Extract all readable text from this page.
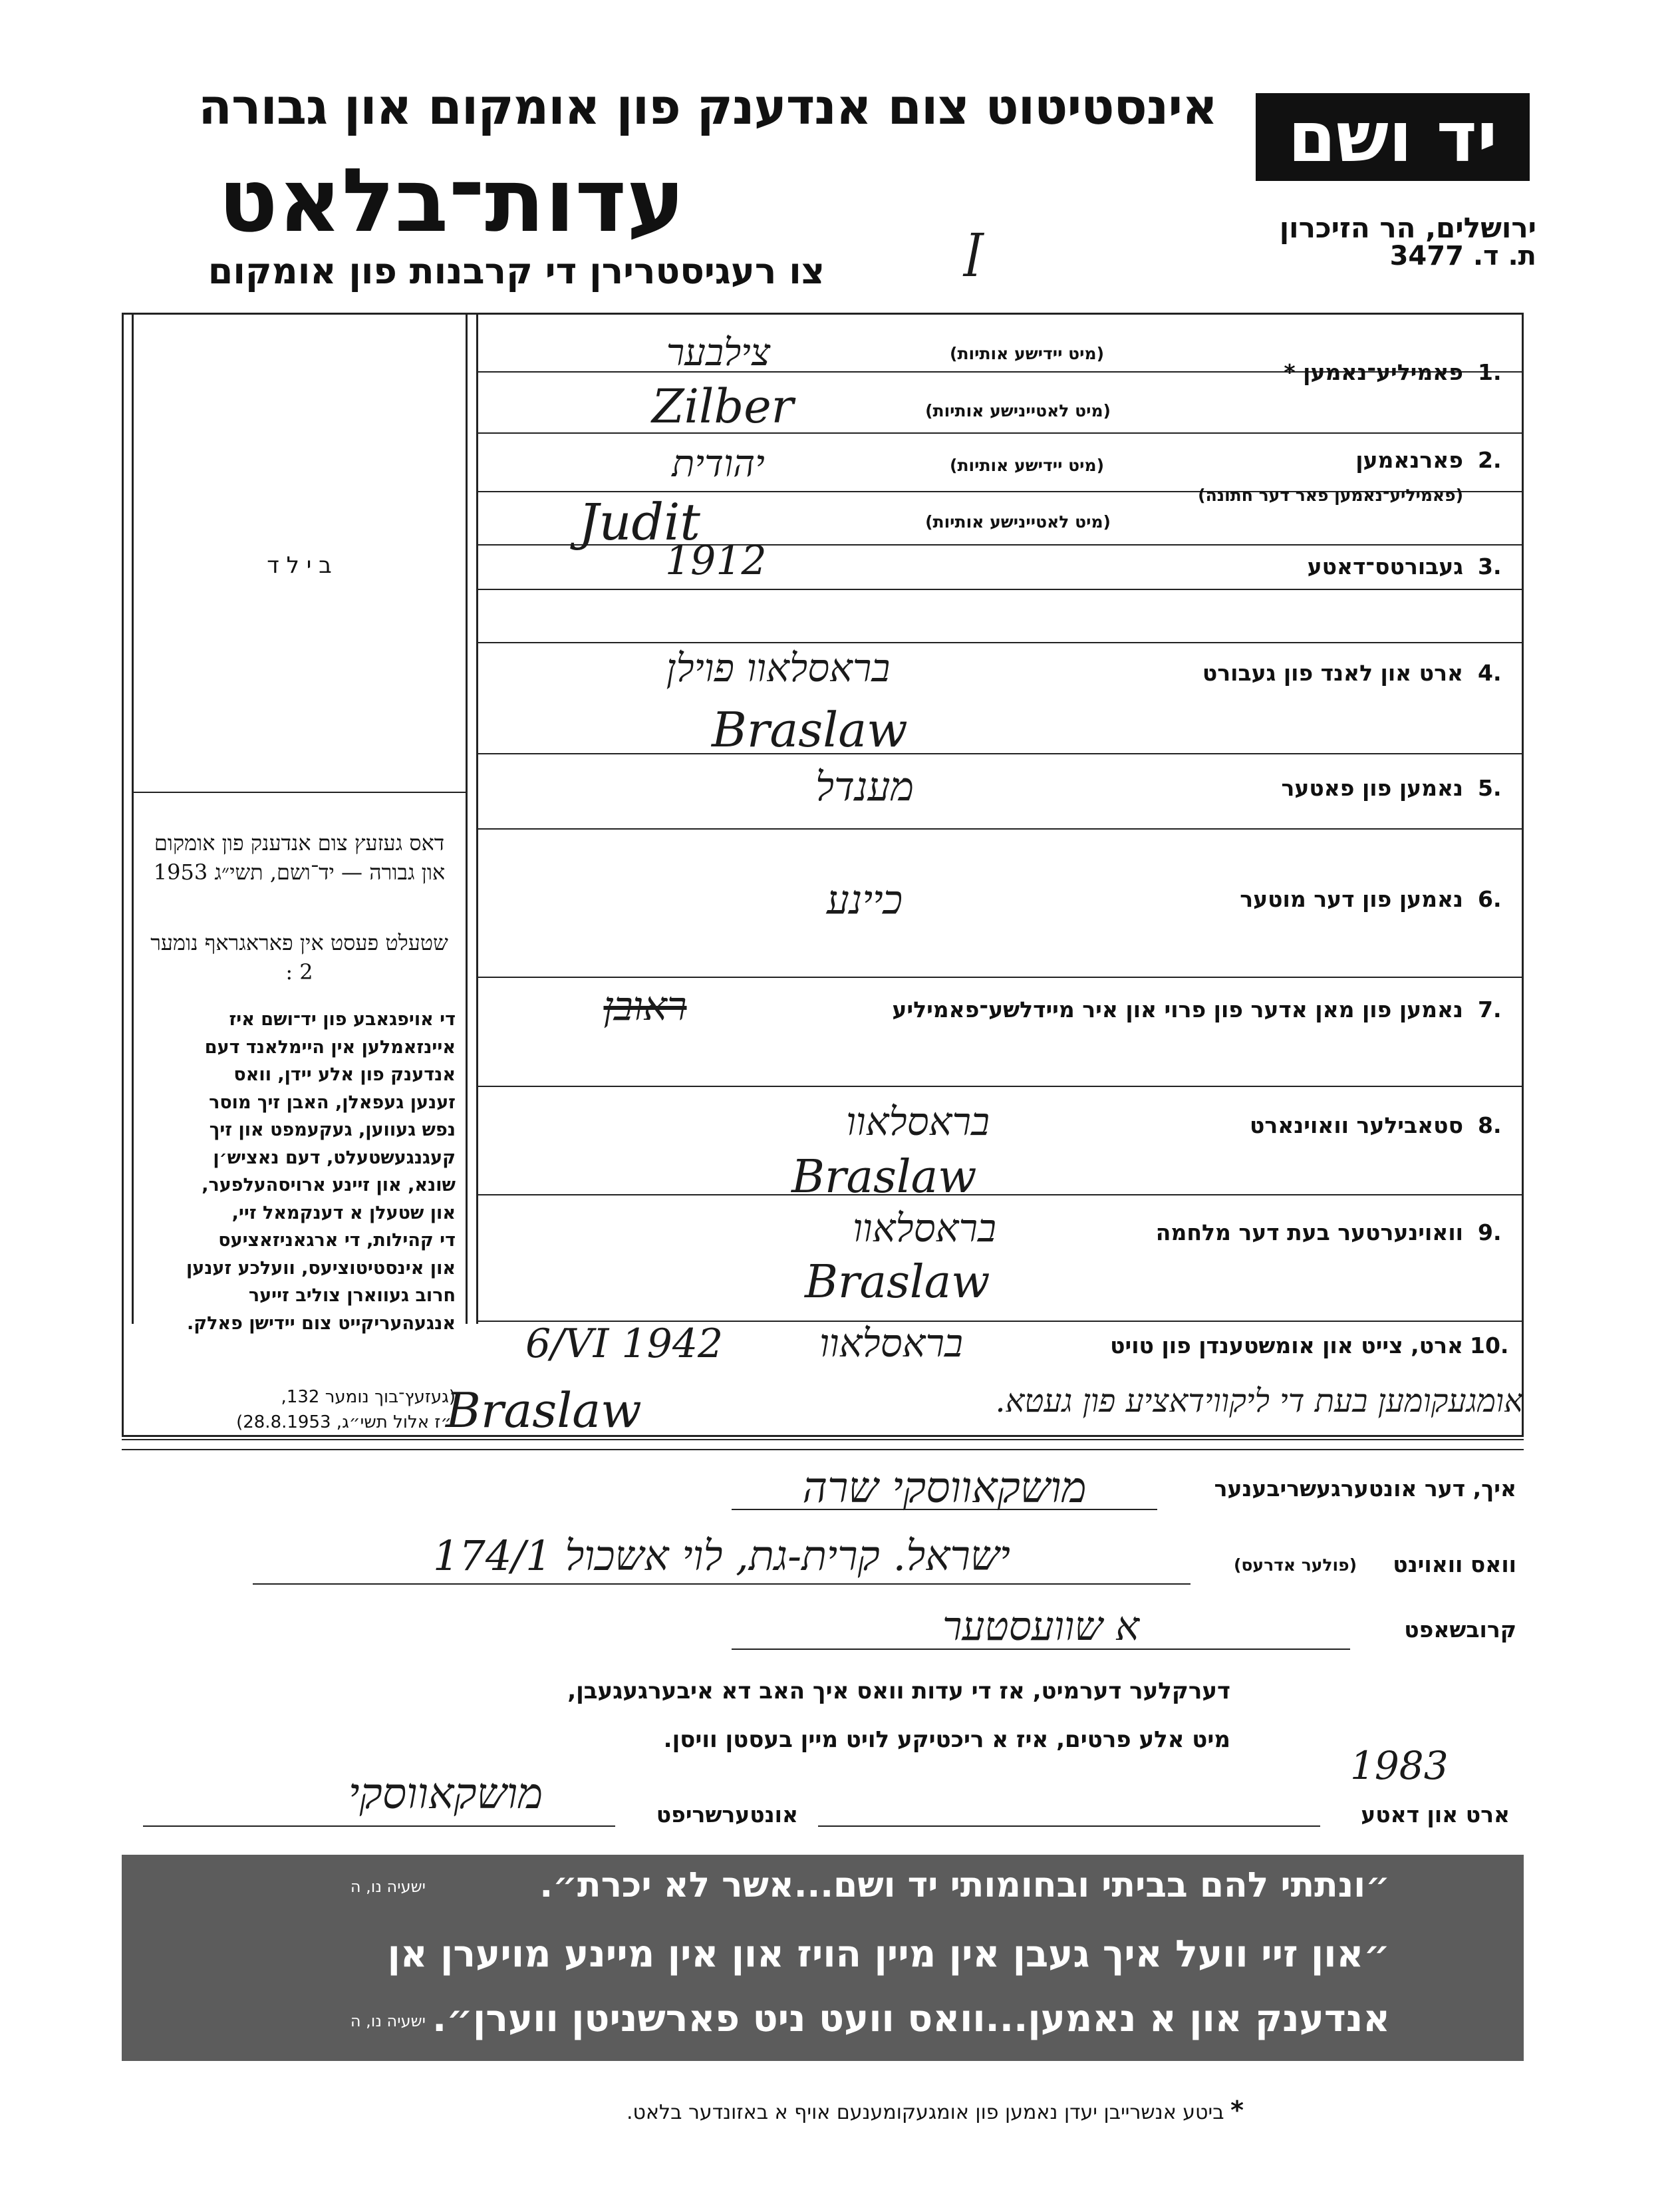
אינסטיטוט צום אנדענק פון אומקום און גבורה
עדות־בלאט
צו רעגיסטרירן די קרבנות פון אומקום	ꟾ
יד ושם
ירושלים, הר הזיכרון
ת. ד. 3477
ב י ל ד
דאס געזעץ צום אנדענק פון אומקום און גבורה — יד־ושם, תשי״ג 1953
שטעלט פעסט אין פאראגראף נומער 2 :
די אויפגאבע פון יד־ושם איז
איינזאמלען אין היימלאנד דעם
אנדענק פון אלע יידן, וואס
זענען געפאלן, האבן זיך מוסר
נפש געווען, געקעמפט און זיך
קעגנגעשטעלט, דעם נאציש׳ן
שונא, און זיינע ארויסהעלפער,
און שטעלן א דענקמאל זיי,
די קהילות, די ארגאניזאציעס
און אינסטיטוציעס, וועלכע זענען
חרוב געווארן צוליב זייער
אנגעהעריקייט צום יידישן פאלק.
(געזעץ־בוך נומער 132,
י״ז אלול תשי״ג, 28.8.1953)
1.
פאמיליע־נאמען *
(מיט יידישע אותיות)
(מיט לאטיינישע אותיות)
צילבער
Zilber
2.
פארנאמען
(פאמיליע־נאמען פאר דער חתונה)
(מיט יידישע אותיות)
(מיט לאטיינישע אותיות)
יהודית
Judit
3.
געבורטס־דאטע
1912
4.
ארט און לאנד פון געבורט
בראסלאוו פוילן
Braslaw
5.
נאמען פון פאטער
מענדל
6.
נאמען פון דער מוטער
כיינע
7.
נאמען פון מאן אדער פון פרוי און איר מיידלשע־פאמיליע
ראובן
8.
סטאבילער וואוינארט
בראסלאוו
Braslaw
9.
וואוינערטער בעת דער מלחמה
בראסלאוו
Braslaw
10.
ארט, צייט און אומשטענדן פון טויט
בראסלאוו
6/VI 1942
אומגעקומען בעת די ליקווידאציע פון געטא.
Braslaw
איך, דער אונטערגעשריבענער
מושקאווסקי שרה
וואס וואוינט
(פולער אדרעס)
ישראל. קרית-גת, לוי אשכול 174/1
קרובשאפט
א שוועסטער
דערקלער דערמיט, אז די עדות וואס איך האב דא איבערגעגעבן,
מיט אלע פרטים, איז א ריכטיקע לויט מיין בעסטן וויסן.
ארט און דאטע
1983
אונטערשריפט
מושקאווסקי
״ונתתי להם בביתי ובחומותי יד ושם...אשר לא יכרת״.
ישעיה נו, ה
״און זיי וועל איך געבן אין מיין הויז און אין מיינע מויערן אן
אנדענק און א נאמען...וואס וועט ניט פארשניטן ווערן״.
ישעיה נו, ה
* ביטע אנשרייבן יעדן נאמען פון אומגעקומענעם אויף א באזונדער בלאט.
